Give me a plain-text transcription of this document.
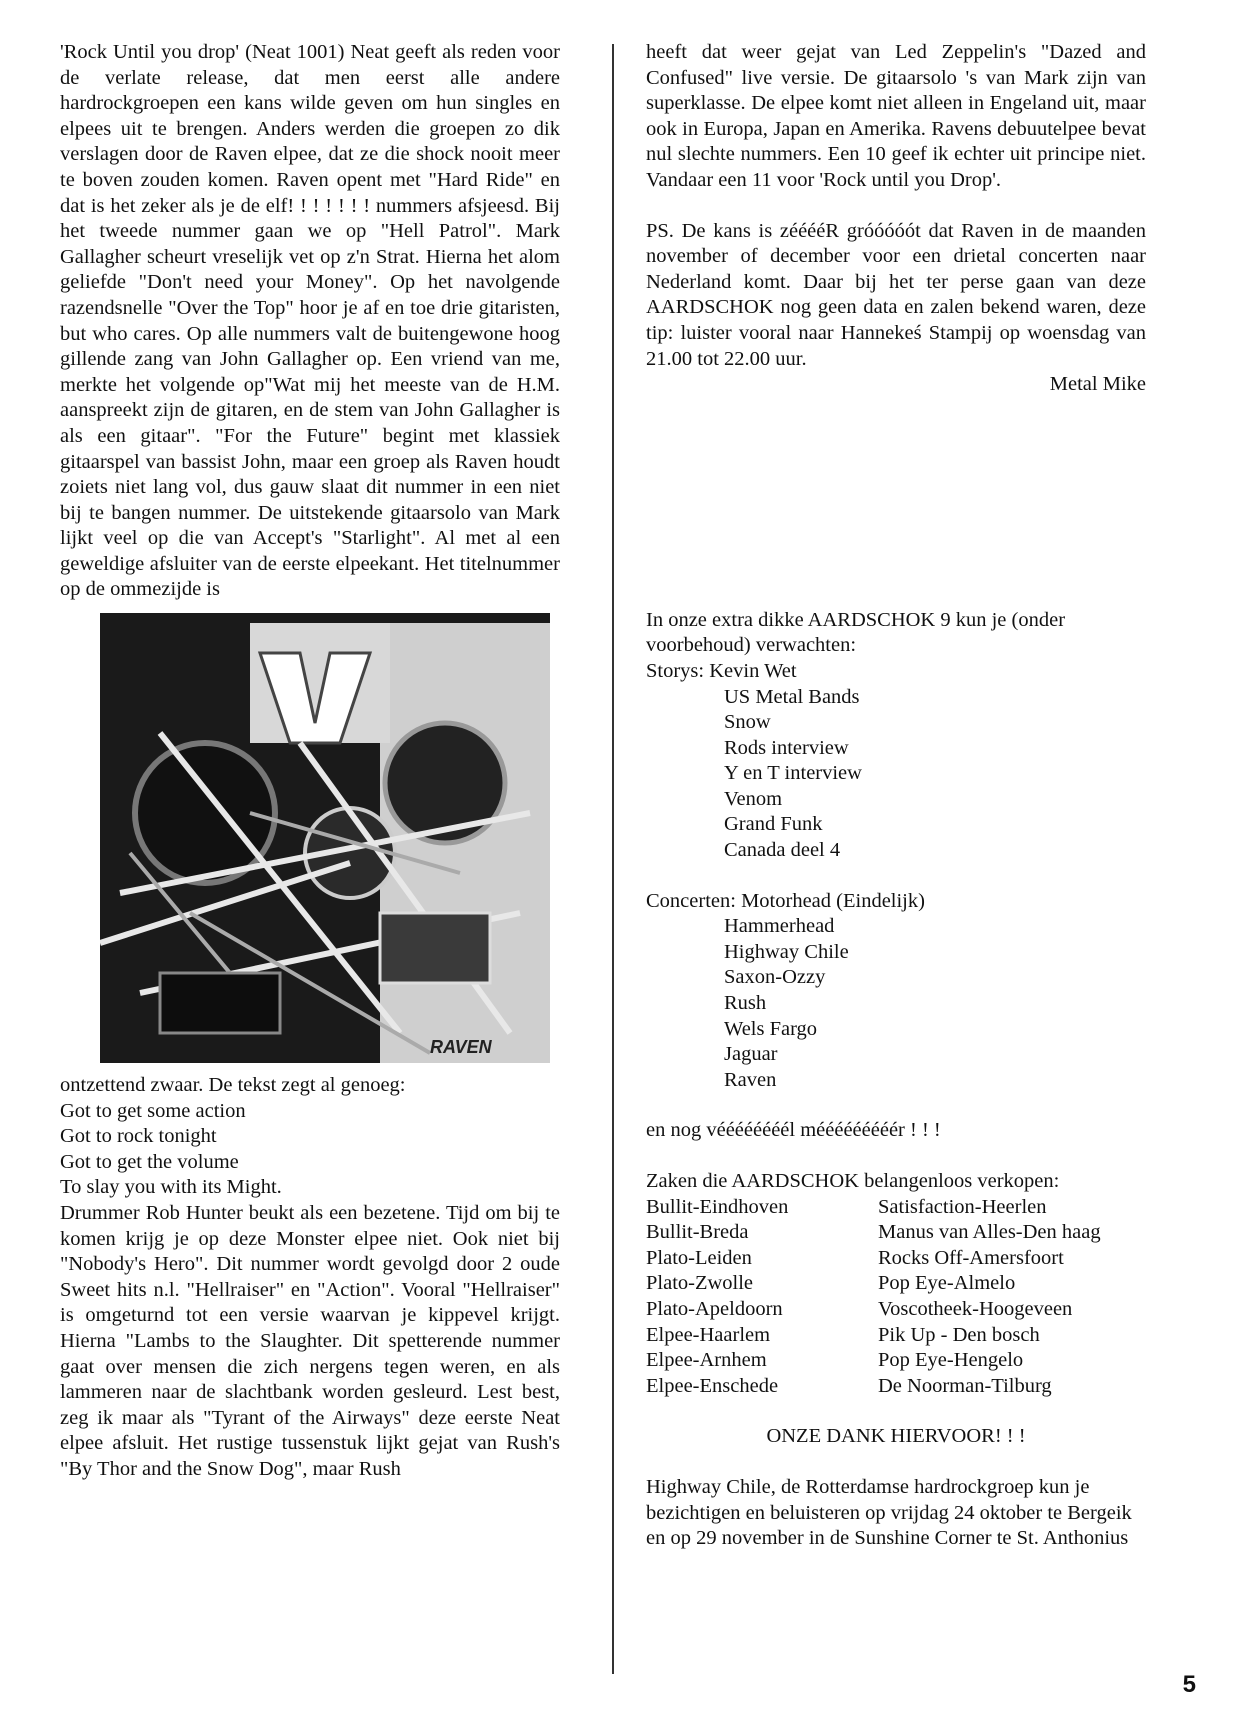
'Rock Until you drop' (Neat 1001) Neat geeft als reden voor de verlate release, dat men eerst alle andere hardrockgroepen een kans wilde geven om hun singles en elpees uit te brengen. Anders werden die groepen zo dik verslagen door de Raven elpee, dat ze die shock nooit meer te boven zouden komen. Raven opent met "Hard Ride" en dat is het zeker als je de elf! ! ! ! ! ! ! nummers afsjeesd. Bij het tweede nummer gaan we op "Hell Patrol". Mark Gallagher scheurt vreselijk vet op z'n Strat. Hierna het alom geliefde "Don't need your Money". Op het navolgende razendsnelle "Over the Top" hoor je af en toe drie gitaristen, but who cares. Op alle nummers valt de buitengewone hoog gillende zang van John Gallagher op. Een vriend van me, merkte het volgende op"Wat mij het meeste van de H.M. aanspreekt zijn de gitaren, en de stem van John Gallagher is als een gitaar". "For the Future" begint met klassiek gitaarspel van bassist John, maar een groep als Raven houdt zoiets niet lang vol, dus gauw slaat dit nummer in een niet bij te bangen nummer. De uitstekende gitaarsolo van Mark lijkt veel op die van Accept's "Starlight". Al met al een geweldige afsluiter van de eerste elpeekant. Het titelnummer op de ommezijde is

RAVEN

ontzettend zwaar. De tekst zegt al genoeg:

Got to get some action

Got to rock tonight

Got to get the volume

To slay you with its Might.

Drummer Rob Hunter beukt als een bezetene. Tijd om bij te komen krijg je op deze Monster elpee niet. Ook niet bij "Nobody's Hero". Dit nummer wordt gevolgd door 2 oude Sweet hits n.l. "Hellraiser" en "Action". Vooral "Hellraiser" is omgeturnd tot een versie waarvan je kippevel krijgt. Hierna "Lambs to the Slaughter. Dit spetterende nummer gaat over mensen die zich nergens tegen weren, en als lammeren naar de slachtbank worden gesleurd. Lest best, zeg ik maar als "Tyrant of the Airways" deze eerste Neat elpee afsluit. Het rustige tussenstuk lijkt gejat van Rush's "By Thor and the Snow Dog", maar Rush

heeft dat weer gejat van Led Zeppelin's "Dazed and Confused" live versie. De gitaarsolo 's van Mark zijn van superklasse. De elpee komt niet alleen in Engeland uit, maar ook in Europa, Japan en Amerika. Ravens debuutelpee bevat nul slechte nummers. Een 10 geef ik echter uit principe niet. Vandaar een 11 voor 'Rock until you Drop'.

PS. De kans is zééééR gróóóóót dat Raven in de maanden november of december voor een drietal concerten naar Nederland komt. Daar bij het ter perse gaan van deze AARDSCHOK nog geen data en zalen bekend waren, deze tip: luister vooral naar Hannekeś Stampij op woensdag van 21.00 tot 22.00 uur.

Metal Mike

In onze extra dikke AARDSCHOK 9 kun je (onder voorbehoud) verwachten:

Storys: Kevin Wet

US Metal Bands

Snow

Rods interview

Y en T interview

Venom

Grand Funk

Canada deel 4

Concerten: Motorhead (Eindelijk)

Hammerhead

Highway Chile

Saxon-Ozzy

Rush

Wels Fargo

Jaguar

Raven

en nog véééééééél mééééééééér ! ! !

Zaken die AARDSCHOK belangenloos verkopen:

Bullit-Eindhoven	Satisfaction-Heerlen
Bullit-Breda	Manus van Alles-Den haag
Plato-Leiden	Rocks Off-Amersfoort
Plato-Zwolle	Pop Eye-Almelo
Plato-Apeldoorn	Voscotheek-Hoogeveen
Elpee-Haarlem	Pik Up - Den bosch
Elpee-Arnhem	Pop Eye-Hengelo
Elpee-Enschede	De Noorman-Tilburg

ONZE DANK HIERVOOR! ! !

Highway Chile, de Rotterdamse hardrockgroep kun je bezichtigen en beluisteren op vrijdag 24 oktober te Bergeik en op 29 november in de Sunshine Corner te St. Anthonius

5
